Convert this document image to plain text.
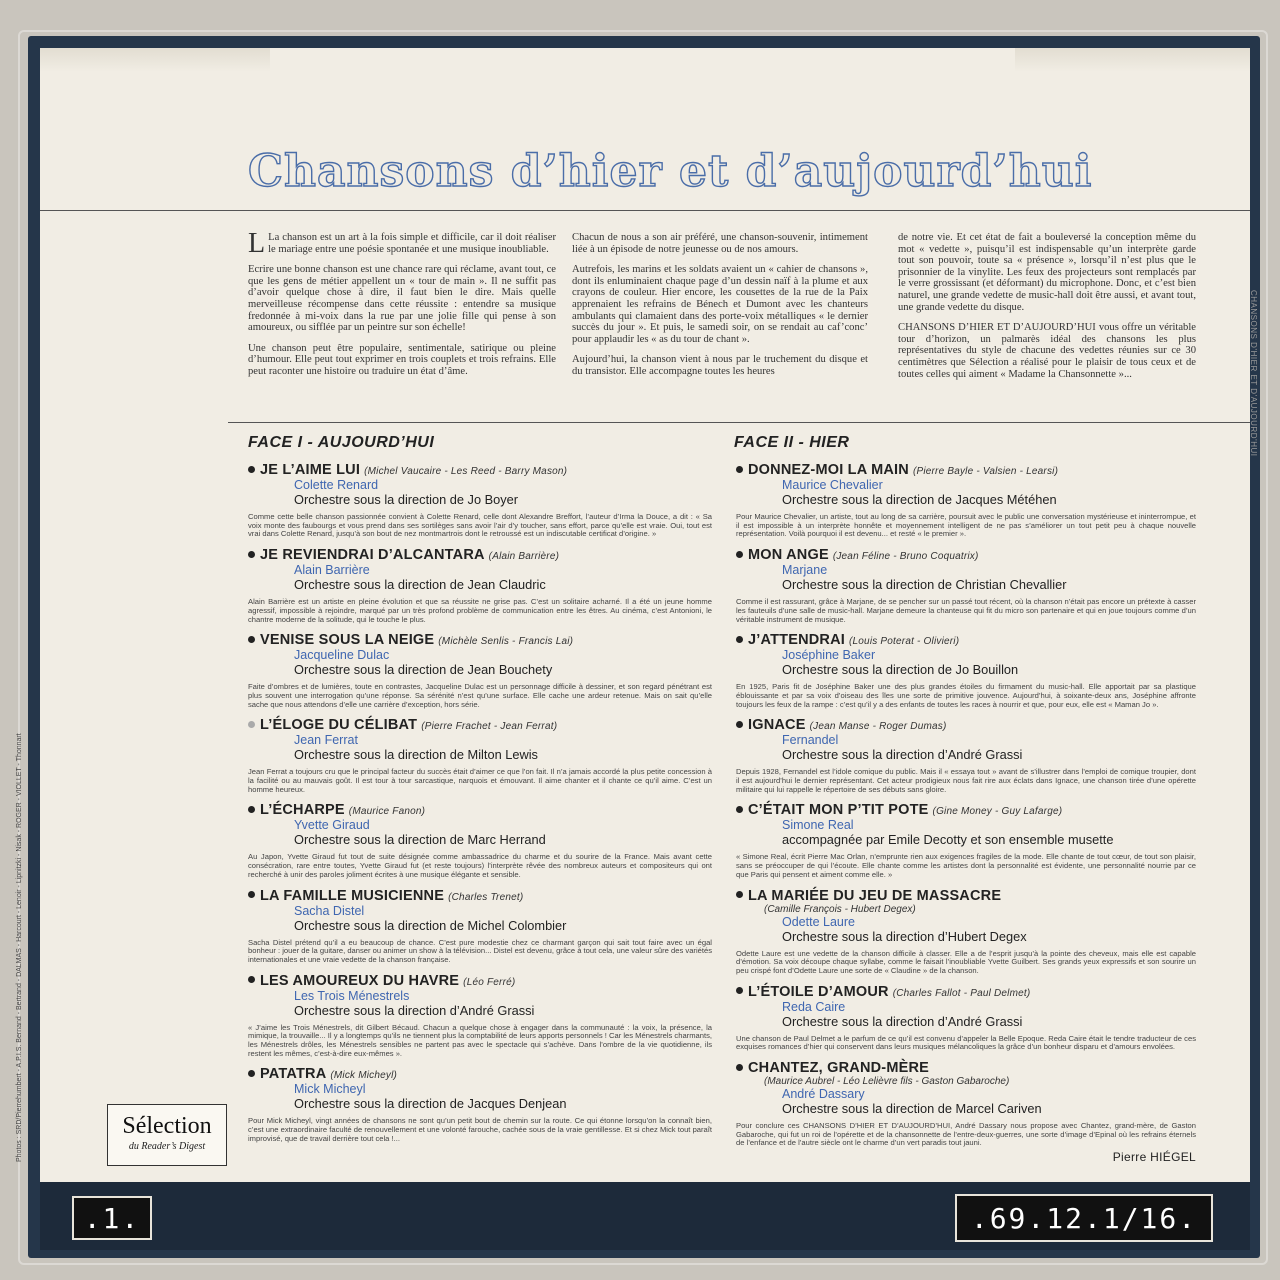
Chansons d’hier et d’aujourd’hui

L La chanson est un art à la fois simple et difficile, car il doit réaliser le mariage entre une poésie spontanée et une musique inoubliable.

Ecrire une bonne chanson est une chance rare qui réclame, avant tout, ce que les gens de métier appellent un « tour de main ». Il ne suffit pas d’avoir quelque chose à dire, il faut bien le dire. Mais quelle merveilleuse récompense dans cette réussite : entendre sa musique fredonnée à mi-voix dans la rue par une jolie fille qui pense à son amoureux, ou sifflée par un peintre sur son échelle!

Une chanson peut être populaire, sentimentale, satirique ou pleine d’humour. Elle peut tout exprimer en trois couplets et trois refrains. Elle peut raconter une histoire ou traduire un état d’âme.

Chacun de nous a son air préféré, une chanson-souvenir, intimement liée à un épisode de notre jeunesse ou de nos amours.

Autrefois, les marins et les soldats avaient un « cahier de chansons », dont ils enluminaient chaque page d’un dessin naïf à la plume et aux crayons de couleur. Hier encore, les cousettes de la rue de la Paix apprenaient les refrains de Bénech et Dumont avec les chanteurs ambulants qui clamaient dans des porte-voix métalliques « le dernier succès du jour ». Et puis, le samedi soir, on se rendait au caf’conc’ pour applaudir les « as du tour de chant ».

Aujourd’hui, la chanson vient à nous par le truchement du disque et du transistor. Elle accompagne toutes les heures

de notre vie. Et cet état de fait a bouleversé la conception même du mot « vedette », puisqu’il est indispensable qu’un interprète garde tout son pouvoir, toute sa « présence », lorsqu’il n’est plus que le prisonnier de la vinylite. Les feux des projecteurs sont remplacés par le verre grossissant (et déformant) du microphone. Donc, et c’est bien naturel, une grande vedette de music-hall doit être aussi, et avant tout, une grande vedette du disque.

CHANSONS D’HIER ET D’AUJOURD’HUI vous offre un véritable tour d’horizon, un palmarès idéal des chansons les plus représentatives du style de chacune des vedettes réunies sur ce 30 centimètres que Sélection a réalisé pour le plaisir de tous ceux et de toutes celles qui aiment « Madame la Chansonnette »...

FACE I - AUJOURD’HUI	FACE II - HIER
JE L’AIME LUI (Michel Vaucaire - Les Reed - Barry Mason)
Colette Renard
Orchestre sous la direction de Jo Boyer
Comme cette belle chanson passionnée convient à Colette Renard, celle dont Alexandre Breffort, l’auteur d’Irma la Douce, a dit : « Sa voix monte des faubourgs et vous prend dans ses sortilèges sans avoir l’air d’y toucher, sans effort, parce qu’elle est vraie. Oui, tout est vrai dans Colette Renard, jusqu’à son bout de nez montmartrois dont le retroussé est un indiscutable certificat d’origine. »
JE REVIENDRAI D’ALCANTARA (Alain Barrière)
Alain Barrière
Orchestre sous la direction de Jean Claudric
Alain Barrière est un artiste en pleine évolution et que sa réussite ne grise pas. C’est un solitaire acharné. Il a été un jeune homme agressif, impossible à rejoindre, marqué par un très profond problème de communication entre les êtres. Au cinéma, c’est Antonioni, le chantre moderne de la solitude, qui le touche le plus.
VENISE SOUS LA NEIGE (Michèle Senlis - Francis Lai)
Jacqueline Dulac
Orchestre sous la direction de Jean Bouchety
Faite d’ombres et de lumières, toute en contrastes, Jacqueline Dulac est un personnage difficile à dessiner, et son regard pénétrant est plus souvent une interrogation qu’une réponse. Sa sérénité n’est qu’une surface. Elle cache une ardeur retenue. Mais on sait qu’elle sache que nous attendons d’elle une carrière d’exception, hors série.
L’ÉLOGE DU CÉLIBAT (Pierre Frachet - Jean Ferrat)
Jean Ferrat
Orchestre sous la direction de Milton Lewis
Jean Ferrat a toujours cru que le principal facteur du succès était d’aimer ce que l’on fait. Il n’a jamais accordé la plus petite concession à la facilité ou au mauvais goût. Il est tour à tour sarcastique, narquois et émouvant. Il aime chanter et il chante ce qu’il aime. C’est un homme heureux.
L’ÉCHARPE (Maurice Fanon)
Yvette Giraud
Orchestre sous la direction de Marc Herrand
Au Japon, Yvette Giraud fut tout de suite désignée comme ambassadrice du charme et du sourire de la France. Mais avant cette consécration, rare entre toutes, Yvette Giraud fut (et reste toujours) l’interprète rêvée des nombreux auteurs et compositeurs qui ont recherché à unir des paroles joliment écrites à une musique élégante et sensible.
LA FAMILLE MUSICIENNE (Charles Trenet)
Sacha Distel
Orchestre sous la direction de Michel Colombier
Sacha Distel prétend qu’il a eu beaucoup de chance. C’est pure modestie chez ce charmant garçon qui sait tout faire avec un égal bonheur : jouer de la guitare, danser ou animer un show à la télévision... Distel est devenu, grâce à tout cela, une valeur sûre des variétés internationales et une vraie vedette de la chanson française.
LES AMOUREUX DU HAVRE (Léo Ferré)
Les Trois Ménestrels
Orchestre sous la direction d’André Grassi
« J’aime les Trois Ménestrels, dit Gilbert Bécaud. Chacun a quelque chose à engager dans la communauté : la voix, la présence, la mimique, la trouvaille... Il y a longtemps qu’ils ne tiennent plus la comptabilité de leurs apports personnels ! Car les Ménestrels charmants, les Ménestrels drôles, les Ménestrels sensibles ne partent pas avec le spectacle qui s’achève. Dans l’ombre de la vie quotidienne, ils restent les mêmes, c’est-à-dire eux-mêmes ».
PATATRA (Mick Micheyl)
Mick Micheyl
Orchestre sous la direction de Jacques Denjean
Pour Mick Micheyl, vingt années de chansons ne sont qu’un petit bout de chemin sur la route. Ce qui étonne lorsqu’on la connaît bien, c’est une extraordinaire faculté de renouvellement et une volonté farouche, cachée sous de la vraie gentillesse. Et si chez Mick tout paraît improvisé, que de travail derrière tout cela !...
DONNEZ-MOI LA MAIN (Pierre Bayle - Valsien - Learsi)
Maurice Chevalier
Orchestre sous la direction de Jacques Météhen
Pour Maurice Chevalier, un artiste, tout au long de sa carrière, poursuit avec le public une conversation mystérieuse et ininterrompue, et il est impossible à un interprète honnête et moyennement intelligent de ne pas s’améliorer un tout petit peu à chaque nouvelle représentation. Voilà pourquoi il est devenu... et resté « le premier ».
MON ANGE (Jean Féline - Bruno Coquatrix)
Marjane
Orchestre sous la direction de Christian Chevallier
Comme il est rassurant, grâce à Marjane, de se pencher sur un passé tout récent, où la chanson n’était pas encore un prétexte à casser les fauteuils d’une salle de music-hall. Marjane demeure la chanteuse qui fit du micro son partenaire et qui en joue toujours comme d’un véritable instrument de musique.
J’ATTENDRAI (Louis Poterat - Olivieri)
Joséphine Baker
Orchestre sous la direction de Jo Bouillon
En 1925, Paris fit de Joséphine Baker une des plus grandes étoiles du firmament du music-hall. Elle apportait par sa plastique éblouissante et par sa voix d’oiseau des îles une sorte de primitive jouvence. Aujourd’hui, à soixante-deux ans, Joséphine affronte toujours les feux de la rampe : c’est qu’il y a des enfants de toutes les races à nourrir et que, pour eux, elle est « Maman Jo ».
IGNACE (Jean Manse - Roger Dumas)
Fernandel
Orchestre sous la direction d’André Grassi
Depuis 1928, Fernandel est l’idole comique du public. Mais il « essaya tout » avant de s’illustrer dans l’emploi de comique troupier, dont il est aujourd’hui le dernier représentant. Cet acteur prodigieux nous fait rire aux éclats dans Ignace, une chanson tirée d’une opérette militaire qui lui rappelle le répertoire de ses débuts sans gloire.
C’ÉTAIT MON P’TIT POTE (Gine Money - Guy Lafarge)
Simone Real
accompagnée par Emile Decotty et son ensemble musette
« Simone Real, écrit Pierre Mac Orlan, n’emprunte rien aux exigences fragiles de la mode. Elle chante de tout cœur, de tout son plaisir, sans se préoccuper de qui l’écoute. Elle chante comme les artistes dont la personnalité est évidente, une personnalité nourrie par ce que Paris qui pensent et aiment comme elle. »
LA MARIÉE DU JEU DE MASSACRE
(Camille François - Hubert Degex)
Odette Laure
Orchestre sous la direction d’Hubert Degex
Odette Laure est une vedette de la chanson difficile à classer. Elle a de l’esprit jusqu’à la pointe des cheveux, mais elle est capable d’émotion. Sa voix découpe chaque syllabe, comme le faisait l’inoubliable Yvette Guilbert. Ses grands yeux expressifs et son sourire un peu crispé font d’Odette Laure une sorte de « Claudine » de la chanson.
L’ÉTOILE D’AMOUR (Charles Fallot - Paul Delmet)
Reda Caire
Orchestre sous la direction d’André Grassi
Une chanson de Paul Delmet a le parfum de ce qu’il est convenu d’appeler la Belle Epoque. Reda Caire était le tendre traducteur de ces exquises romances d’hier qui conservent dans leurs musiques mélancoliques la grâce d’un bonheur disparu et d’amours envolées.
CHANTEZ, GRAND-MÈRE
(Maurice Aubrel - Léo Lelièvre fils - Gaston Gabaroche)
André Dassary
Orchestre sous la direction de Marcel Cariven
Pour conclure ces CHANSONS D’HIER ET D’AUJOURD’HUI, André Dassary nous propose avec Chantez, grand-mère, de Gaston Gabaroche, qui fut un roi de l’opérette et de la chansonnette de l’entre-deux-guerres, une sorte d’image d’Epinal où les refrains éternels de l’enfance et de l’autre siècle ont le charme d’un vert paradis tout jauni.
Pierre HIÉGEL
Sélection
du Reader’s Digest
Photos : SRD/Pierrehumbert - A.P.I.S. Bernand - Bertrand - DALMAS - Harcourt - Lenoir - Lipnitzki - Nisak - ROGER - VIOLLET - Thonnart
CHANSONS D’HIER ET D’AUJOURD’HUI
.1.	.69.12.1/16.
